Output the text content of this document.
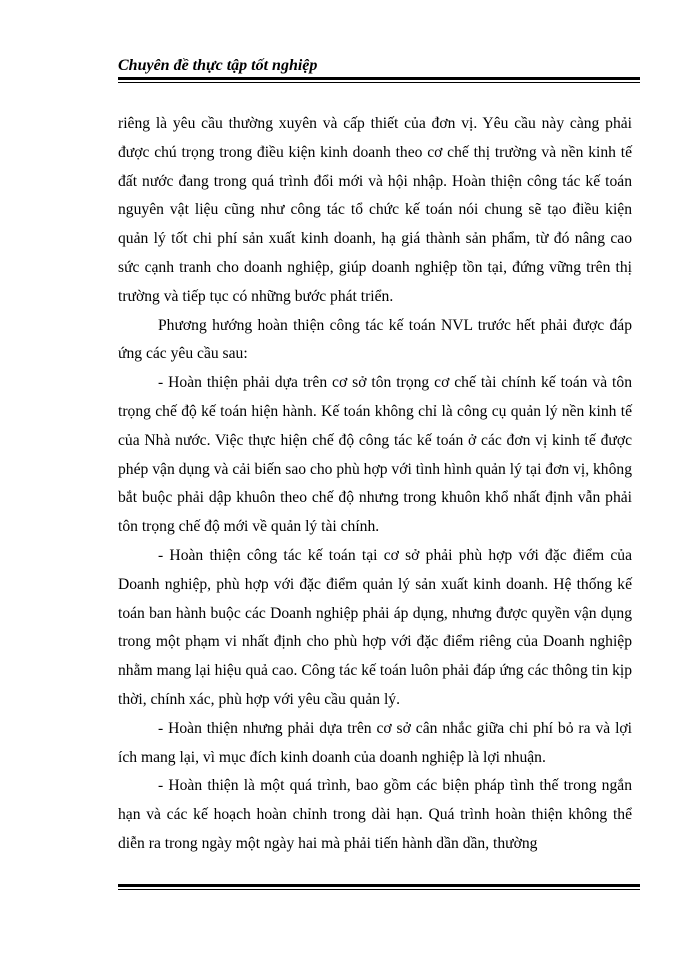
Chuyên đề thực tập tốt nghiệp

riêng là yêu cầu thường xuyên và cấp thiết của đơn vị. Yêu cầu này càng phải được chú trọng trong điều kiện kinh doanh theo cơ chế thị trường và nền kinh tế đất nước đang trong quá trình đổi mới và hội nhập. Hoàn thiện công tác kế toán nguyên vật liệu cũng như công tác tổ chức kế toán nói chung sẽ tạo điều kiện quản lý tốt chi phí sản xuất kinh doanh, hạ giá thành sản phẩm, từ đó nâng cao sức cạnh tranh cho doanh nghiệp, giúp doanh nghiệp tồn tại, đứng vững trên thị trường và tiếp tục có những bước phát triển.

Phương hướng hoàn thiện công tác kế toán NVL trước hết phải được đáp ứng các yêu cầu sau:

- Hoàn thiện phải dựa trên cơ sở tôn trọng cơ chế tài chính kế toán và tôn trọng chế độ kế toán hiện hành. Kế toán không chỉ là công cụ quản lý nền kinh tế của Nhà nước. Việc thực hiện chế độ công tác kế toán ở các đơn vị kinh tế được phép vận dụng và cải biến sao cho phù hợp với tình hình quản lý tại đơn vị, không bắt buộc phải dập khuôn theo chế độ nhưng trong khuôn khổ nhất định vẫn phải tôn trọng chế độ mới về quản lý tài chính.

- Hoàn thiện công tác kế toán tại cơ sở phải phù hợp với đặc điểm của Doanh nghiệp, phù hợp với đặc điểm quản lý sản xuất kinh doanh. Hệ thống kế toán ban hành buộc các Doanh nghiệp phải áp dụng, nhưng được quyền vận dụng trong một phạm vi nhất định cho phù hợp với đặc điểm riêng của Doanh nghiệp nhằm mang lại hiệu quả cao. Công tác kế toán luôn phải đáp ứng các thông tin kịp thời, chính xác, phù hợp với yêu cầu quản lý.

- Hoàn thiện nhưng phải dựa trên cơ sở cân nhắc giữa chi phí bỏ ra và lợi ích mang lại, vì mục đích kinh doanh của doanh nghiệp là lợi nhuận.

- Hoàn thiện là một quá trình, bao gồm các biện pháp tình thế trong ngắn hạn và các kế hoạch hoàn chỉnh trong dài hạn. Quá trình hoàn thiện không thể diễn ra trong ngày một ngày hai mà phải tiến hành dần dần, thường
